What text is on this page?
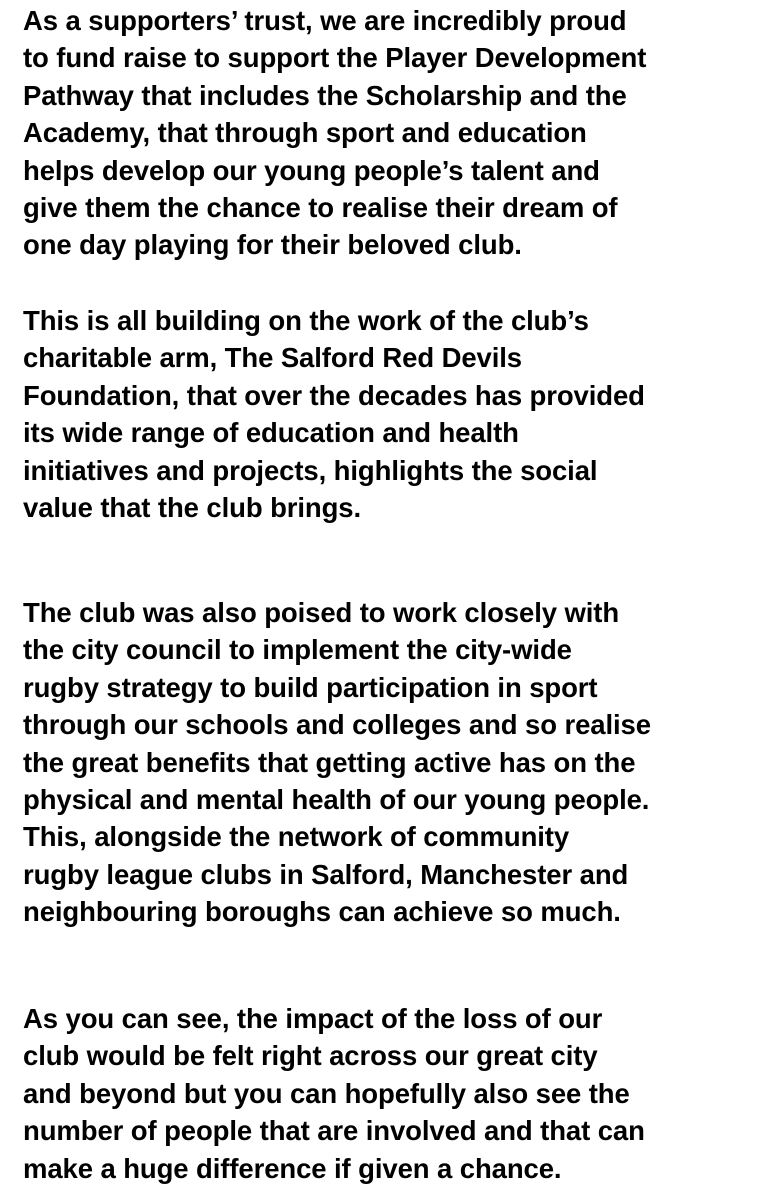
As a supporters’ trust, we are incredibly proud
to fund raise to support the Player Development
Pathway that includes the Scholarship and the
Academy, that through sport and education
helps develop our young people’s talent and
give them the chance to realise their dream of
one day playing for their beloved club.
This is all building on the work of the club’s
charitable arm, The Salford Red Devils
Foundation, that over the decades has provided
its wide range of education and health
initiatives and projects, highlights the social
value that the club brings.
The club was also poised to work closely with
the city council to implement the city-wide
rugby strategy to build participation in sport
through our schools and colleges and so realise
the great benefits that getting active has on the
physical and mental health of our young people.
This, alongside the network of community
rugby league clubs in Salford, Manchester and
neighbouring boroughs can achieve so much.
As you can see, the impact of the loss of our
club would be felt right across our great city
and beyond but you can hopefully also see the
number of people that are involved and that can
make a huge difference if given a chance.
